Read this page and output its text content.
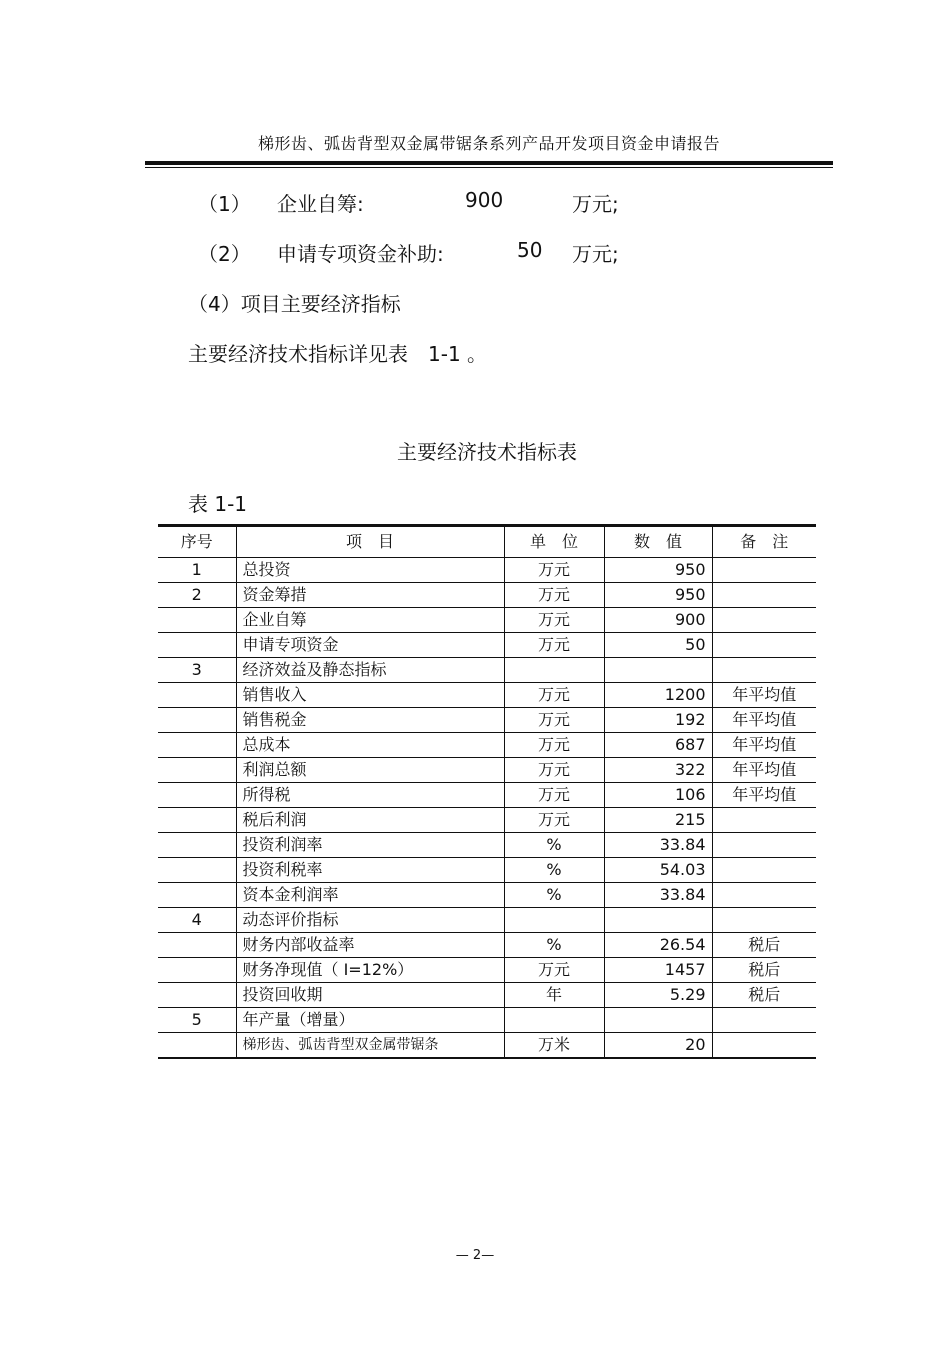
梯形齿、弧齿背型双金属带锯条系列产品开发项目资金申请报告
（1） 企业自筹:	900	万元;
（2） 申请专项资金补助:	50 万元;
（4）项目主要经济指标
主要经济技术指标详见表　1-1 。
主要经济技术指标表
表 1-1
序号	项　目	单　位	数　值	备　注
1	总投资	万元	950	
2	资金筹措	万元	950	
	企业自筹	万元	900	
	申请专项资金	万元	50	
3	经济效益及静态指标			
	销售收入	万元	1200	年平均值
	销售税金	万元	192	年平均值
	总成本	万元	687	年平均值
	利润总额	万元	322	年平均值
	所得税	万元	106	年平均值
	税后利润	万元	215	
	投资利润率	%	33.84	
	投资利税率	%	54.03	
	资本金利润率	%	33.84	
4	动态评价指标			
	财务内部收益率	%	26.54	税后
	财务净现值（ I=12%）	万元	1457	税后
	投资回收期	年	5.29	税后
5	年产量（增量）			
	梯形齿、弧齿背型双金属带锯条	万米	20	
— 2—
